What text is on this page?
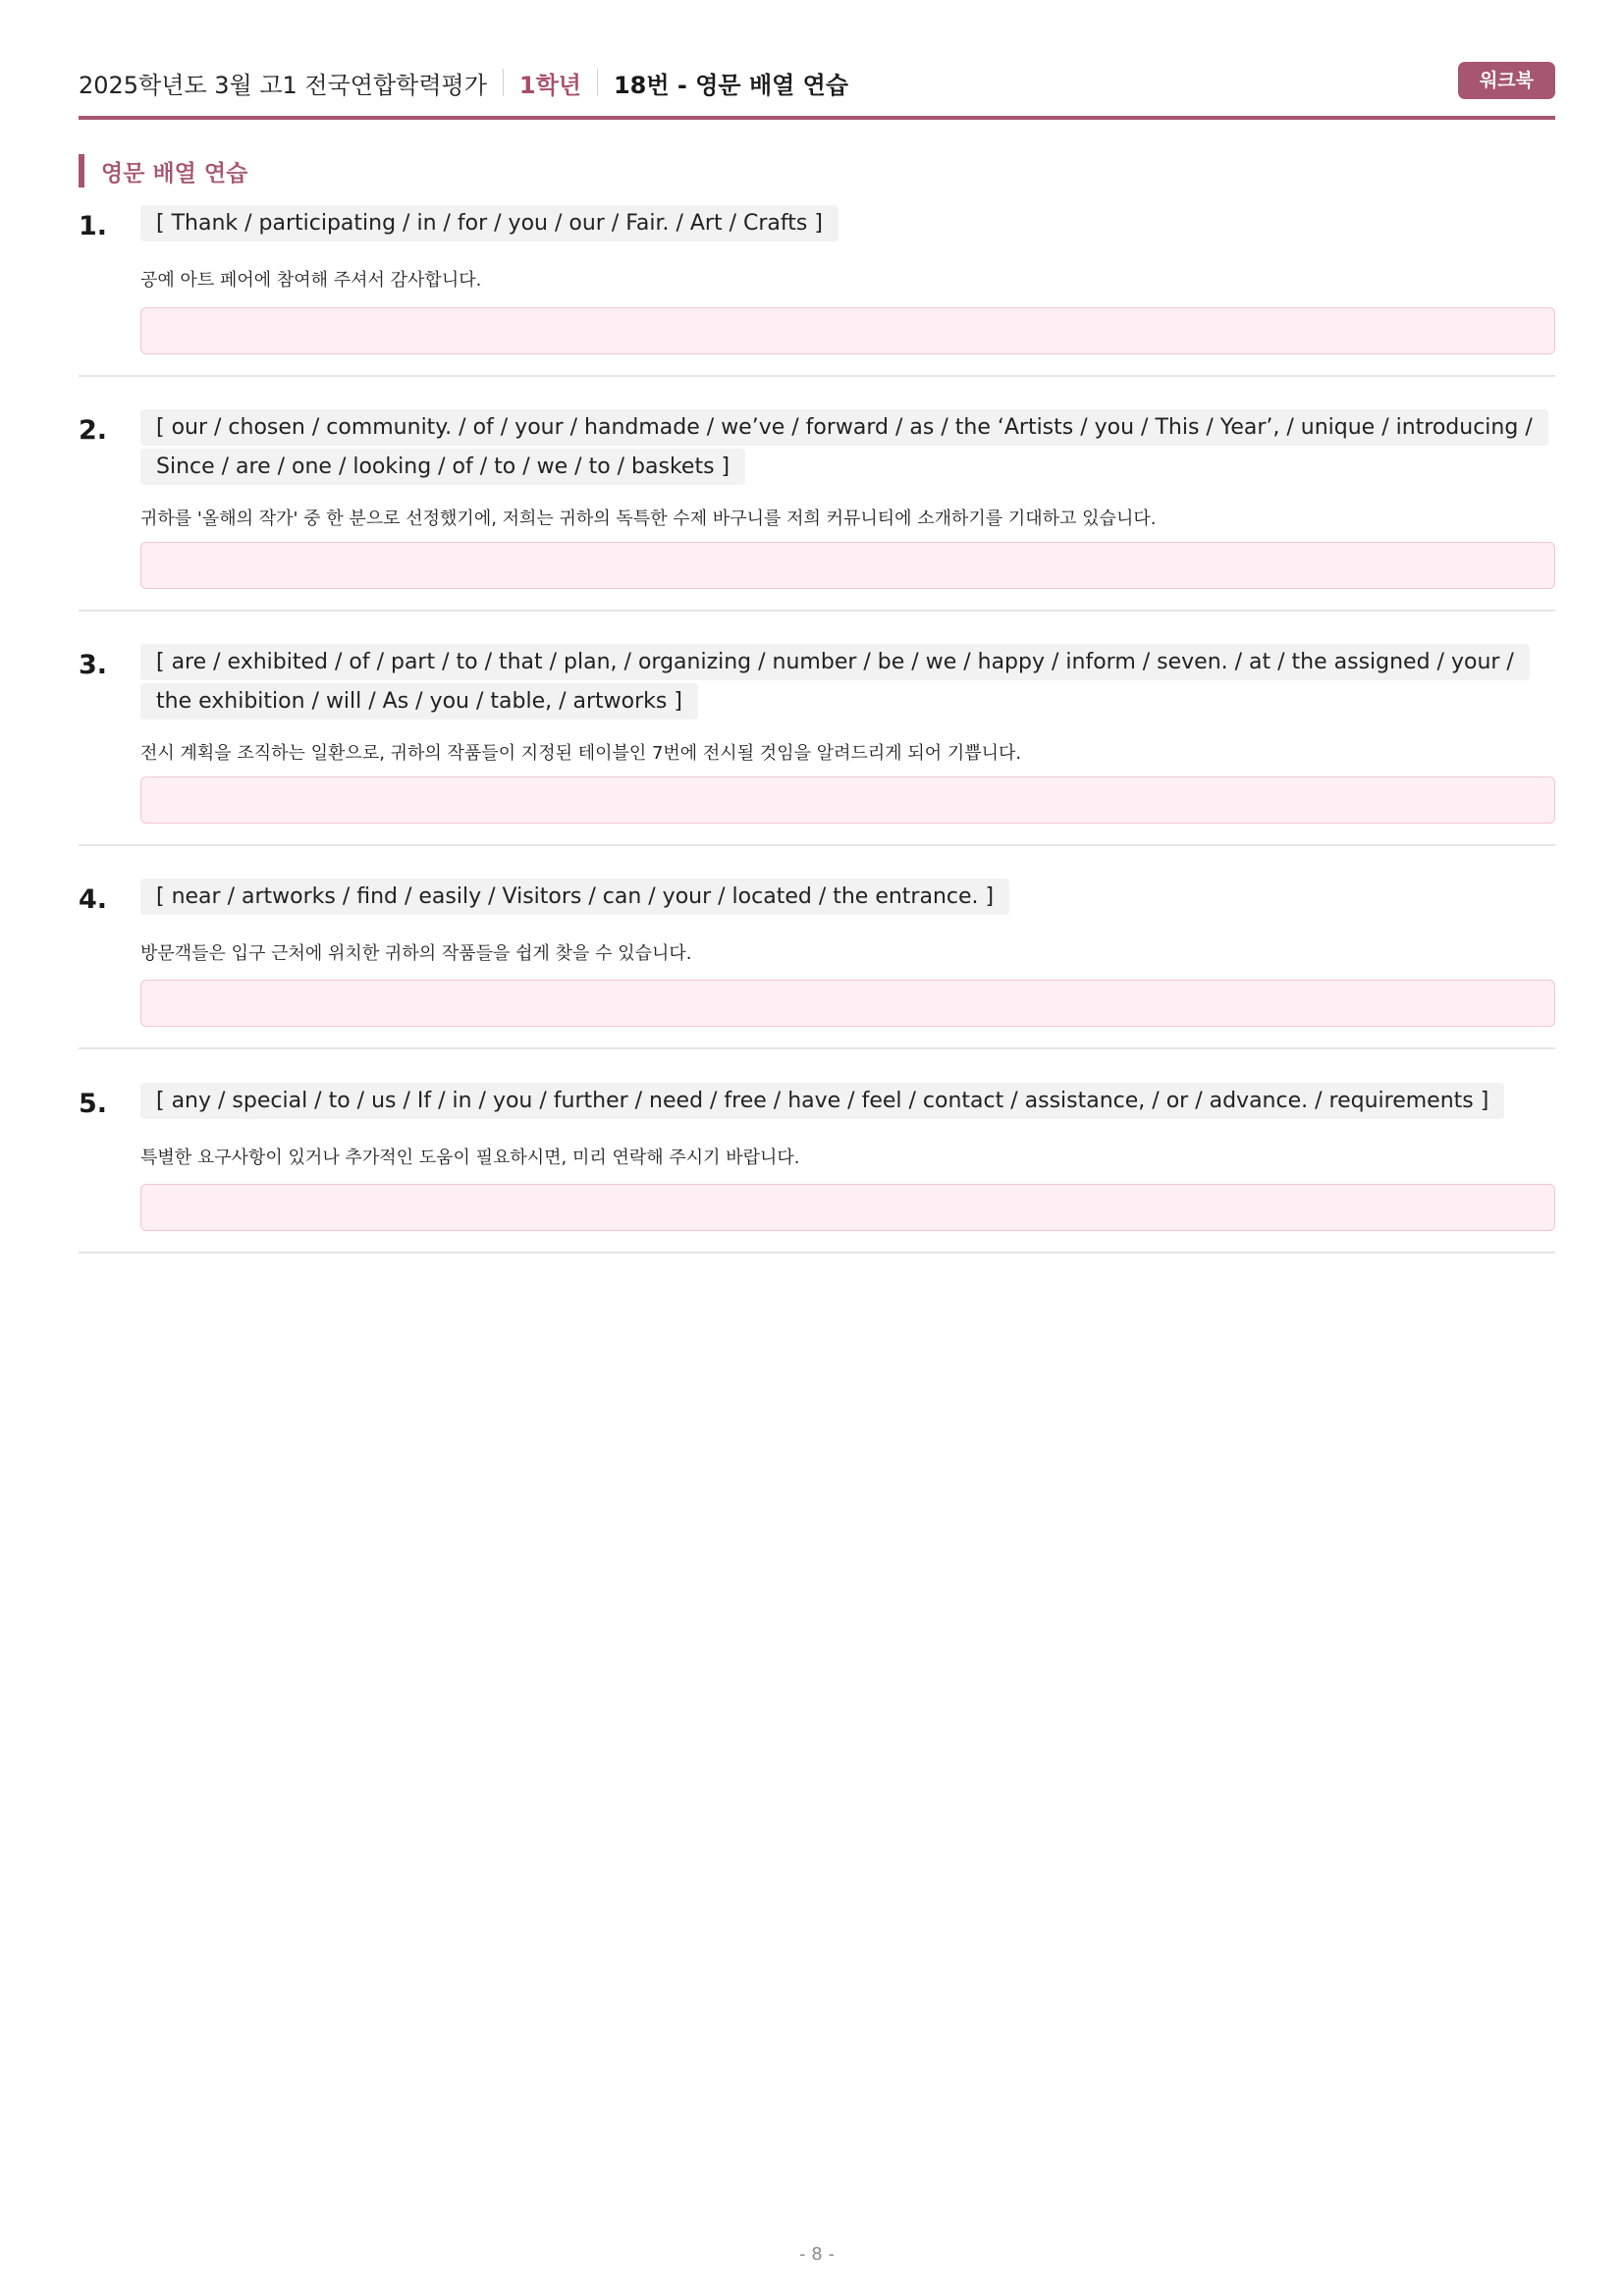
2025학년도 3월 고1 전국연합학력평가 1학년 18번 - 영문 배열 연습	워크북
영문 배열 연습
1.	[ Thank / participating / in / for / you / our / Fair. / Art / Crafts ]
공예 아트 페어에 참여해 주셔서 감사합니다.
2.	[ our / chosen / community. / of / your / handmade / we’ve / forward / as / the ‘Artists / you / This / Year’, / unique / introducing / Since / are / one / looking / of / to / we / to / baskets ]
귀하를 '올해의 작가' 중 한 분으로 선정했기에, 저희는 귀하의 독특한 수제 바구니를 저희 커뮤니티에 소개하기를 기대하고 있습니다.
3.	[ are / exhibited / of / part / to / that / plan, / organizing / number / be / we / happy / inform / seven. / at / the assigned / your / the exhibition / will / As / you / table, / artworks ]
전시 계획을 조직하는 일환으로, 귀하의 작품들이 지정된 테이블인 7번에 전시될 것임을 알려드리게 되어 기쁩니다.
4.	[ near / artworks / find / easily / Visitors / can / your / located / the entrance. ]
방문객들은 입구 근처에 위치한 귀하의 작품들을 쉽게 찾을 수 있습니다.
5.	[ any / special / to / us / If / in / you / further / need / free / have / feel / contact / assistance, / or / advance. / requirements ]
특별한 요구사항이 있거나 추가적인 도움이 필요하시면, 미리 연락해 주시기 바랍니다.
- 8 -
